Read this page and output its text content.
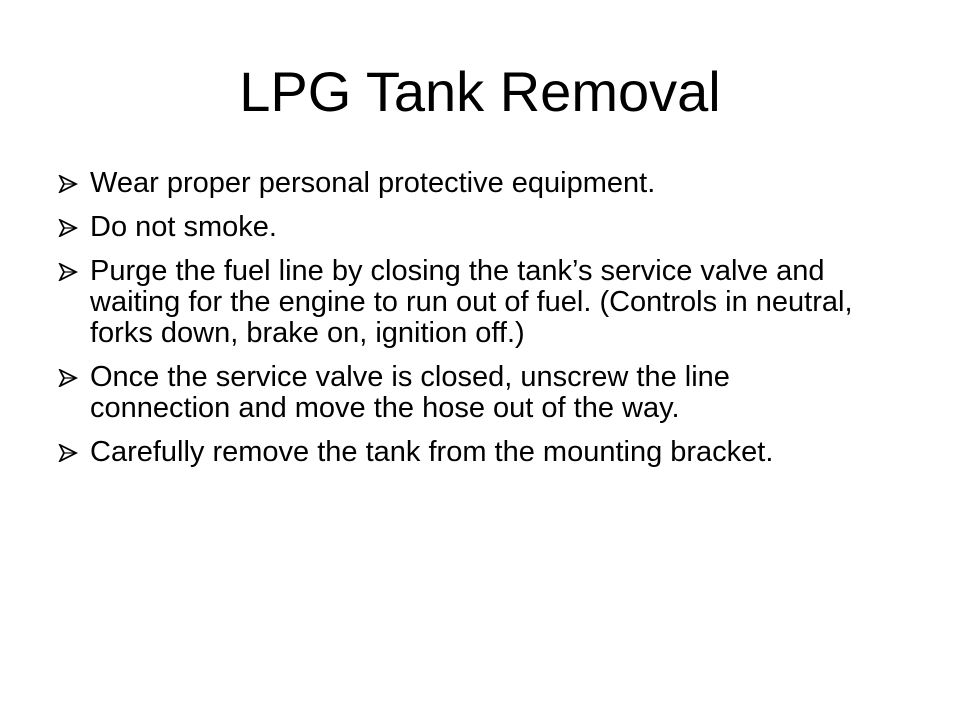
LPG Tank Removal
Wear proper personal protective equipment.
Do not smoke.
Purge the fuel line by closing the tank’s service valve and waiting for the engine to run out of fuel. (Controls in neutral, forks down, brake on, ignition off.)
Once the service valve is closed, unscrew the line connection and move the hose out of the way.
Carefully remove the tank from the mounting bracket.
